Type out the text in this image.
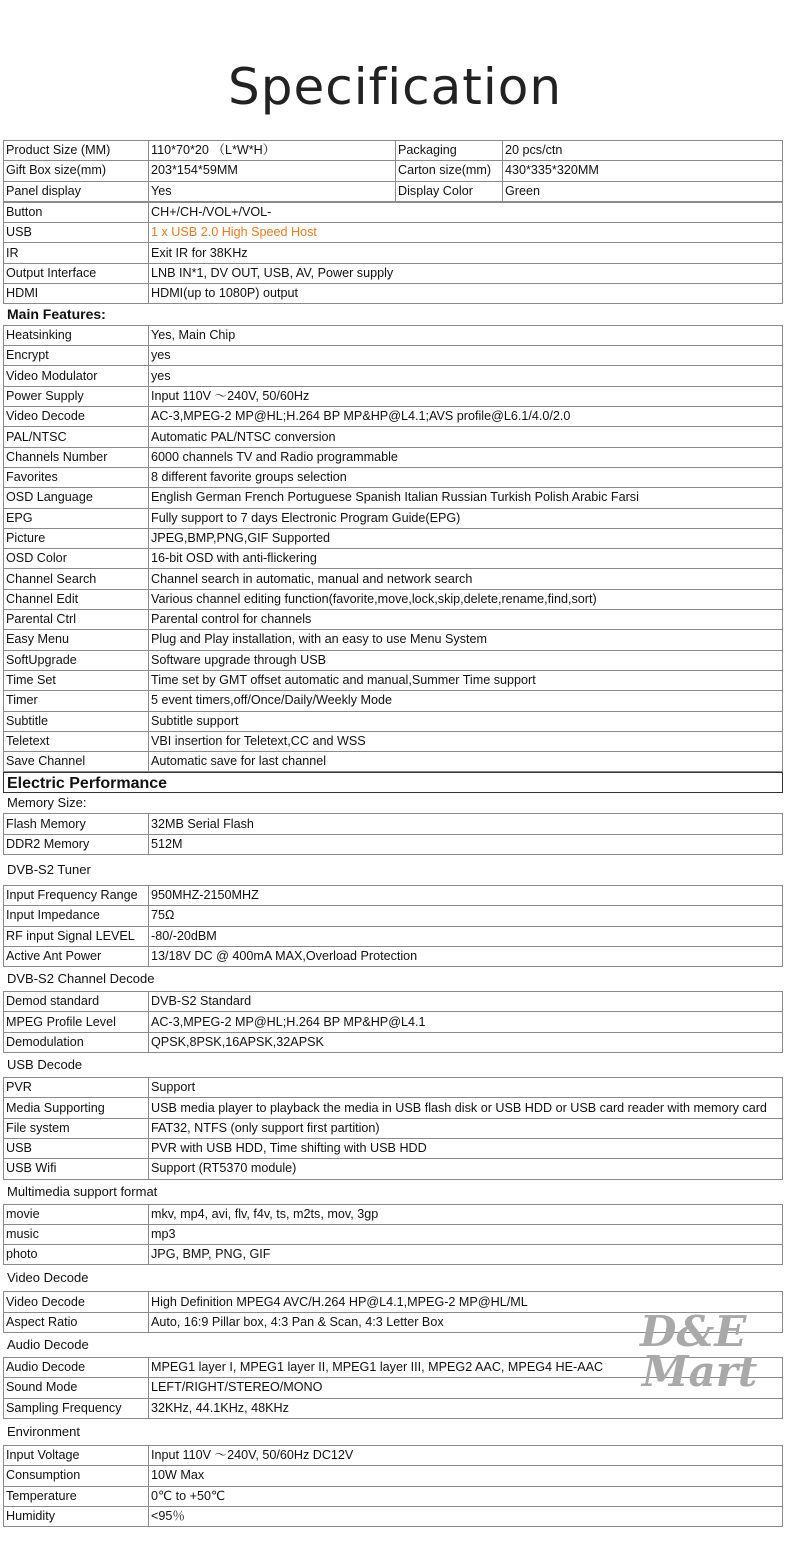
Specification
Product Size (MM)	110*70*20 （L*W*H）	Packaging	20 pcs/ctn
Gift Box size(mm)	203*154*59MM	Carton size(mm)	430*335*320MM
Panel display	Yes	Display Color	Green
Button	CH+/CH-/VOL+/VOL-
USB	1 x USB 2.0 High Speed Host
IR	Exit IR for 38KHz
Output Interface	LNB IN*1, DV OUT, USB, AV, Power supply
HDMI	HDMI(up to 1080P) output
Main Features:
Heatsinking	Yes, Main Chip
Encrypt	yes
Video Modulator	yes
Power Supply	Input 110V ～240V, 50/60Hz
Video Decode	AC-3,MPEG-2 MP@HL;H.264 BP MP&HP@L4.1;AVS profile@L6.1/4.0/2.0
PAL/NTSC	Automatic PAL/NTSC conversion
Channels Number	6000 channels TV and Radio programmable
Favorites	8 different favorite groups selection
OSD Language	English German French Portuguese Spanish Italian Russian Turkish Polish Arabic Farsi
EPG	Fully support to 7 days Electronic Program Guide(EPG)
Picture	JPEG,BMP,PNG,GIF Supported
OSD Color	16-bit OSD with anti-flickering
Channel Search	Channel search in automatic, manual and network search
Channel Edit	Various channel editing function(favorite,move,lock,skip,delete,rename,find,sort)
Parental Ctrl	Parental control for channels
Easy Menu	Plug and Play installation, with an easy to use Menu System
SoftUpgrade	Software upgrade through USB
Time Set	Time set by GMT offset automatic and manual,Summer Time support
Timer	5 event timers,off/Once/Daily/Weekly Mode
Subtitle	Subtitle support
Teletext	VBI insertion for Teletext,CC and WSS
Save Channel	Automatic save for last channel
Electric Performance
Memory Size:
Flash Memory	32MB Serial Flash
DDR2 Memory	512M
DVB-S2 Tuner
Input Frequency Range	950MHZ-2150MHZ
Input Impedance	75Ω
RF input Signal LEVEL	-80/-20dBM
Active Ant Power	13/18V DC @ 400mA MAX,Overload Protection
DVB-S2 Channel Decode
Demod standard	DVB-S2 Standard
MPEG Profile Level	AC-3,MPEG-2 MP@HL;H.264 BP MP&HP@L4.1
Demodulation	QPSK,8PSK,16APSK,32APSK
USB Decode
PVR	Support
Media Supporting	USB media player to playback the media in USB flash disk or USB HDD or USB card reader with memory card
File system	FAT32, NTFS (only support first partition)
USB	PVR with USB HDD, Time shifting with USB HDD
USB Wifi	Support (RT5370 module)
Multimedia support format
movie	mkv, mp4, avi, flv, f4v, ts, m2ts, mov, 3gp
music	mp3
photo	JPG, BMP, PNG, GIF
Video Decode
Video Decode	High Definition MPEG4 AVC/H.264 HP@L4.1,MPEG-2 MP@HL/ML
Aspect Ratio	Auto, 16:9 Pillar box, 4:3 Pan & Scan, 4:3 Letter Box
Audio Decode
Audio Decode	MPEG1 layer I, MPEG1 layer II, MPEG1 layer III, MPEG2 AAC, MPEG4 HE-AAC
Sound Mode	LEFT/RIGHT/STEREO/MONO
Sampling Frequency	32KHz, 44.1KHz, 48KHz
Environment
Input Voltage	Input 110V ～240V, 50/60Hz DC12V
Consumption	10W Max
Temperature	0℃ to +50℃
Humidity	<95％
D&E
Mart
